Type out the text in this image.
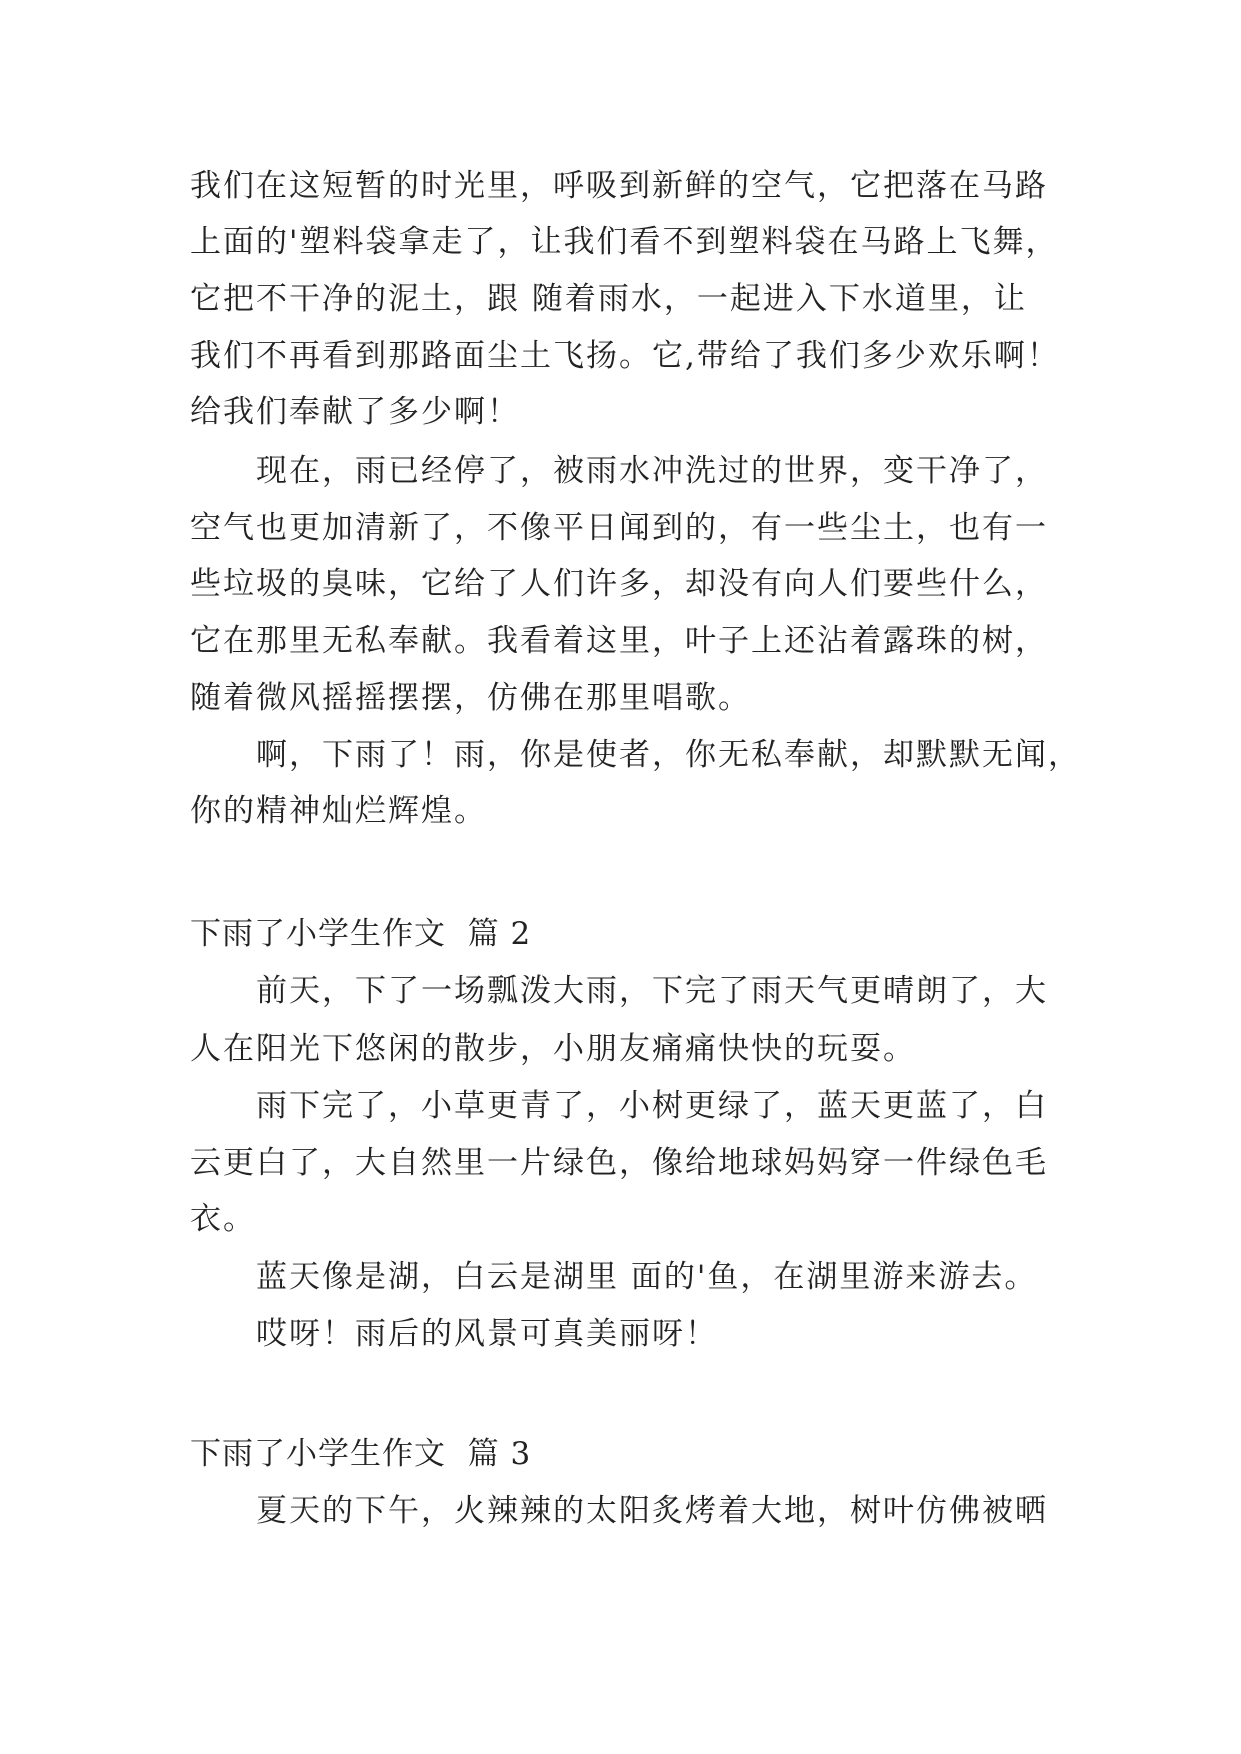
我们在这短暂的时光里，呼吸到新鲜的空气，它把落在马路
上面的'塑料袋拿走了，让我们看不到塑料袋在马路上飞舞，
它把不干净的泥土，跟 随着雨水，一起进入下水道里，让
我们不再看到那路面尘土飞扬。它,带给了我们多少欢乐啊！
给我们奉献了多少啊！
现在，雨已经停了，被雨水冲洗过的世界，变干净了，
空气也更加清新了，不像平日闻到的，有一些尘土，也有一
些垃圾的臭味，它给了人们许多，却没有向人们要些什么，
它在那里无私奉献。我看着这里，叶子上还沾着露珠的树，
随着微风摇摇摆摆，仿佛在那里唱歌。
啊，下雨了！雨，你是使者，你无私奉献，却默默无闻，
你的精神灿烂辉煌。
下雨了小学生作文  篇 2
前天，下了一场瓢泼大雨，下完了雨天气更晴朗了，大
人在阳光下悠闲的散步，小朋友痛痛快快的玩耍。
雨下完了，小草更青了，小树更绿了，蓝天更蓝了，白
云更白了，大自然里一片绿色，像给地球妈妈穿一件绿色毛
衣。
蓝天像是湖，白云是湖里 面的'鱼，在湖里游来游去。
哎呀！雨后的风景可真美丽呀！
下雨了小学生作文  篇 3
夏天的下午，火辣辣的太阳炙烤着大地，树叶仿佛被晒
